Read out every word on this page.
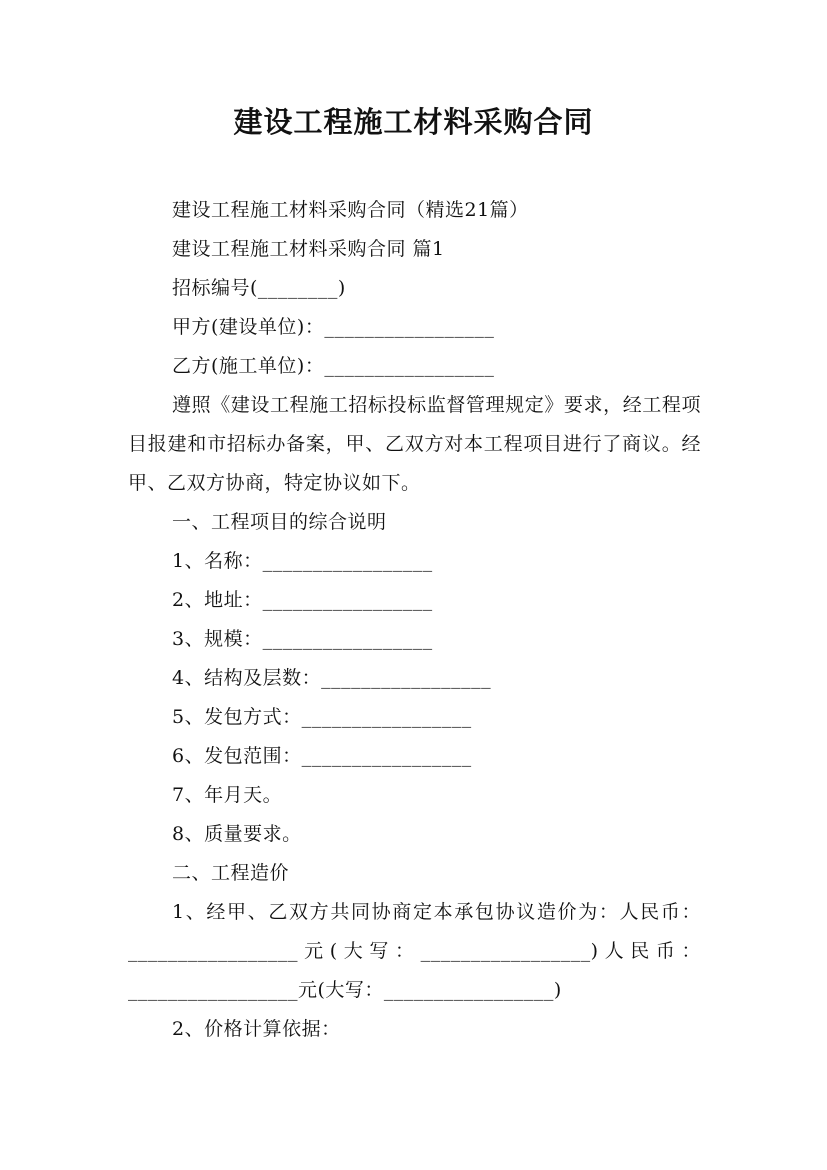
建设工程施工材料采购合同

建设工程施工材料采购合同（精选21篇）

建设工程施工材料采购合同 篇1

招标编号(________)

甲方(建设单位)：_________________

乙方(施工单位)：_________________

遵照《建设工程施工招标投标监督管理规定》要求，经工程项目报建和市招标办备案，甲、乙双方对本工程项目进行了商议。经甲、乙双方协商，特定协议如下。

一、工程项目的综合说明

1、名称：_________________

2、地址：_________________

3、规模：_________________

4、结构及层数：_________________

5、发包方式：_________________

6、发包范围：_________________

7、年月天。

8、质量要求。

二、工程造价

1、经甲、乙双方共同协商定本承包协议造价为：人民币：_________________元(大写：_________________)人民币：_________________元(大写：_________________)

2、价格计算依据：
